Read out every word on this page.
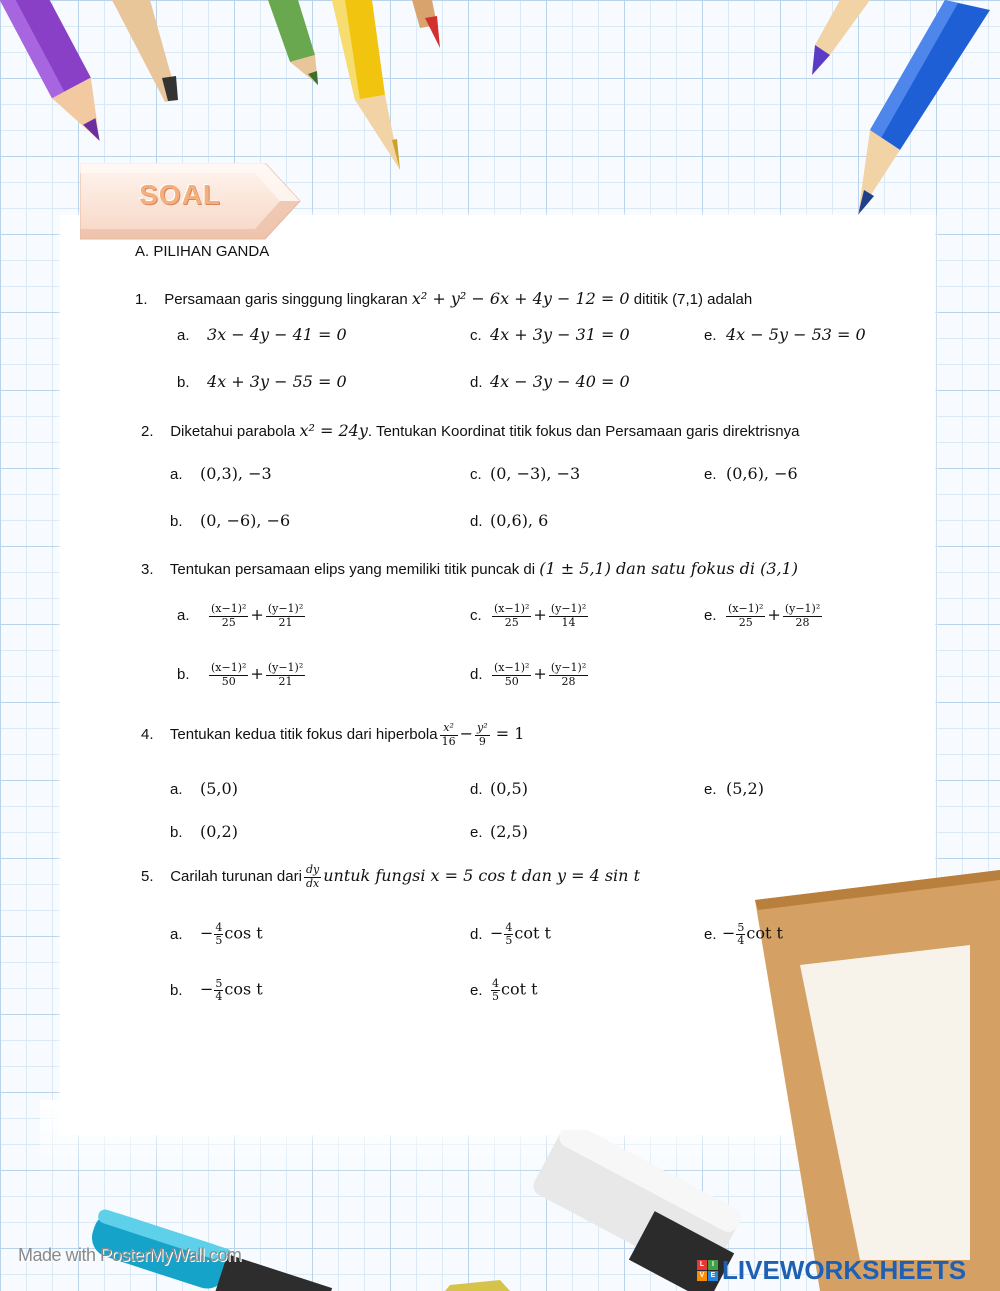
SOAL
A. PILIHAN GANDA
1. Persamaan garis singgung lingkaran x² + y² − 6x + 4y − 12 = 0 dititik (7,1) adalah
a. 3x − 4y − 41 = 0	c. 4x + 3y − 31 = 0	e. 4x − 5y − 53 = 0
b. 4x + 3y − 55 = 0	d. 4x − 3y − 40 = 0
2. Diketahui parabola x² = 24y. Tentukan Koordinat titik fokus dan Persamaan garis direktrisnya
a. (0,3), −3	c. (0, −3), −3	e. (0,6), −6
b. (0, −6), −6	d. (0,6), 6
3. Tentukan persamaan elips yang memiliki titik puncak di (1 ± 5,1) dan satu fokus di (3,1)
a. $\frac{\text{(x−1)²}}{25} + \frac{\text{(y−1)²}}{21}$	c. $\frac{\text{(x−1)²}}{25} + \frac{\text{(y−1)²}}{14}$	e. $\frac{\text{(x−1)²}}{25} + \frac{\text{(y−1)²}}{28}$
b. $\frac{\text{(x−1)²}}{50} + \frac{\text{(y−1)²}}{21}$	d. $\frac{\text{(x−1)²}}{50} + \frac{\text{(y−1)²}}{28}$
4. Tentukan kedua titik fokus dari hiperbola $\frac{\text{x²}}{16} - \frac{\text{y²}}{9} = 1$
a. (5,0)	d. (0,5)	e. (5,2)
b. (0,2)	e. (2,5)
5. Carilah turunan dari $\frac{dy}{dx}$ untuk fungsi x = 5 cos t dan y = 4 sin t
a. − $\frac{4}{5}$ cos t	d. − $\frac{4}{5}$ cot t	e. − $\frac{5}{4}$ cot t
b. − $\frac{5}{4}$ cos t	e. $\frac{4}{5}$ cot t
Made with PosterMyWall.com	L	I
V E LIVEWORKSHEETS
